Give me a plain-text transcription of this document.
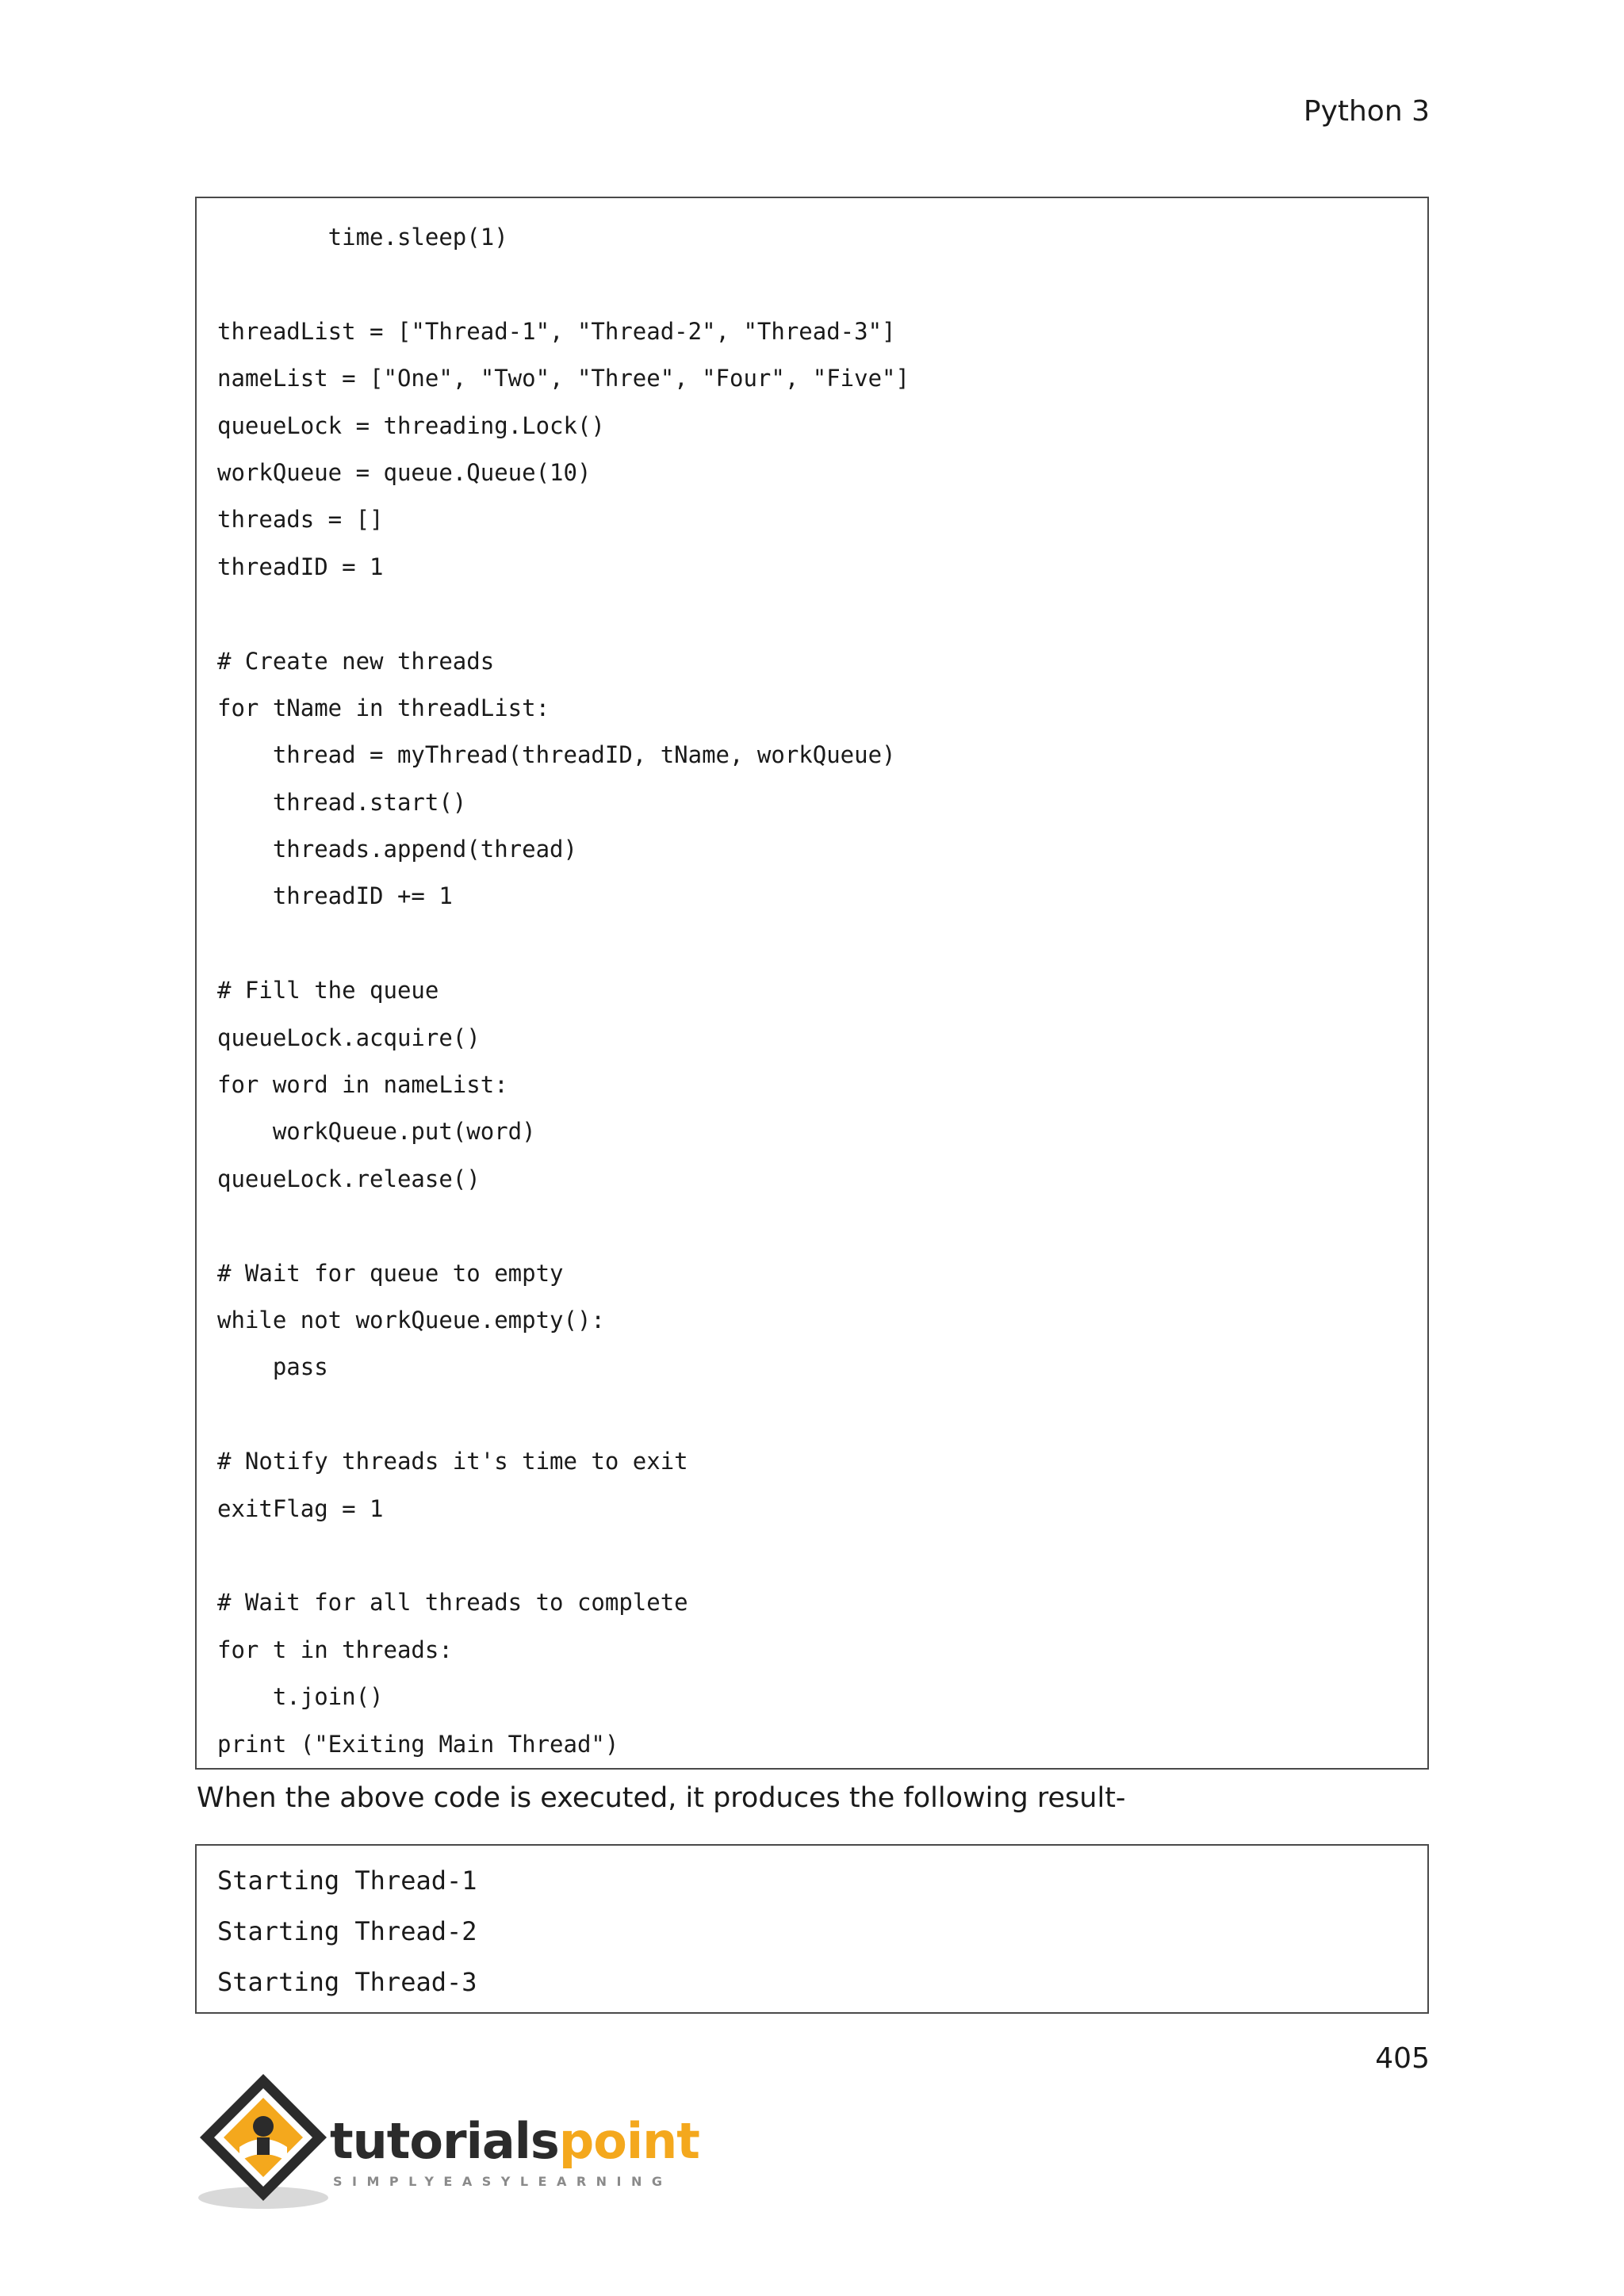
Python 3
time.sleep(1)
threadList = ["Thread-1", "Thread-2", "Thread-3"]
nameList = ["One", "Two", "Three", "Four", "Five"]
queueLock = threading.Lock()
workQueue = queue.Queue(10)
threads = []
threadID = 1
# Create new threads
for tName in threadList:
thread = myThread(threadID, tName, workQueue)
thread.start()
threads.append(thread)
threadID += 1
# Fill the queue
queueLock.acquire()
for word in nameList:
workQueue.put(word)
queueLock.release()
# Wait for queue to empty
while not workQueue.empty():
pass
# Notify threads it's time to exit
exitFlag = 1
# Wait for all threads to complete
for t in threads:
t.join()
print ("Exiting Main Thread")
When the above code is executed, it produces the following result-
Starting Thread-1
Starting Thread-2
Starting Thread-3
405
tutorialspoint
SIMPLYEASYLEARNING
